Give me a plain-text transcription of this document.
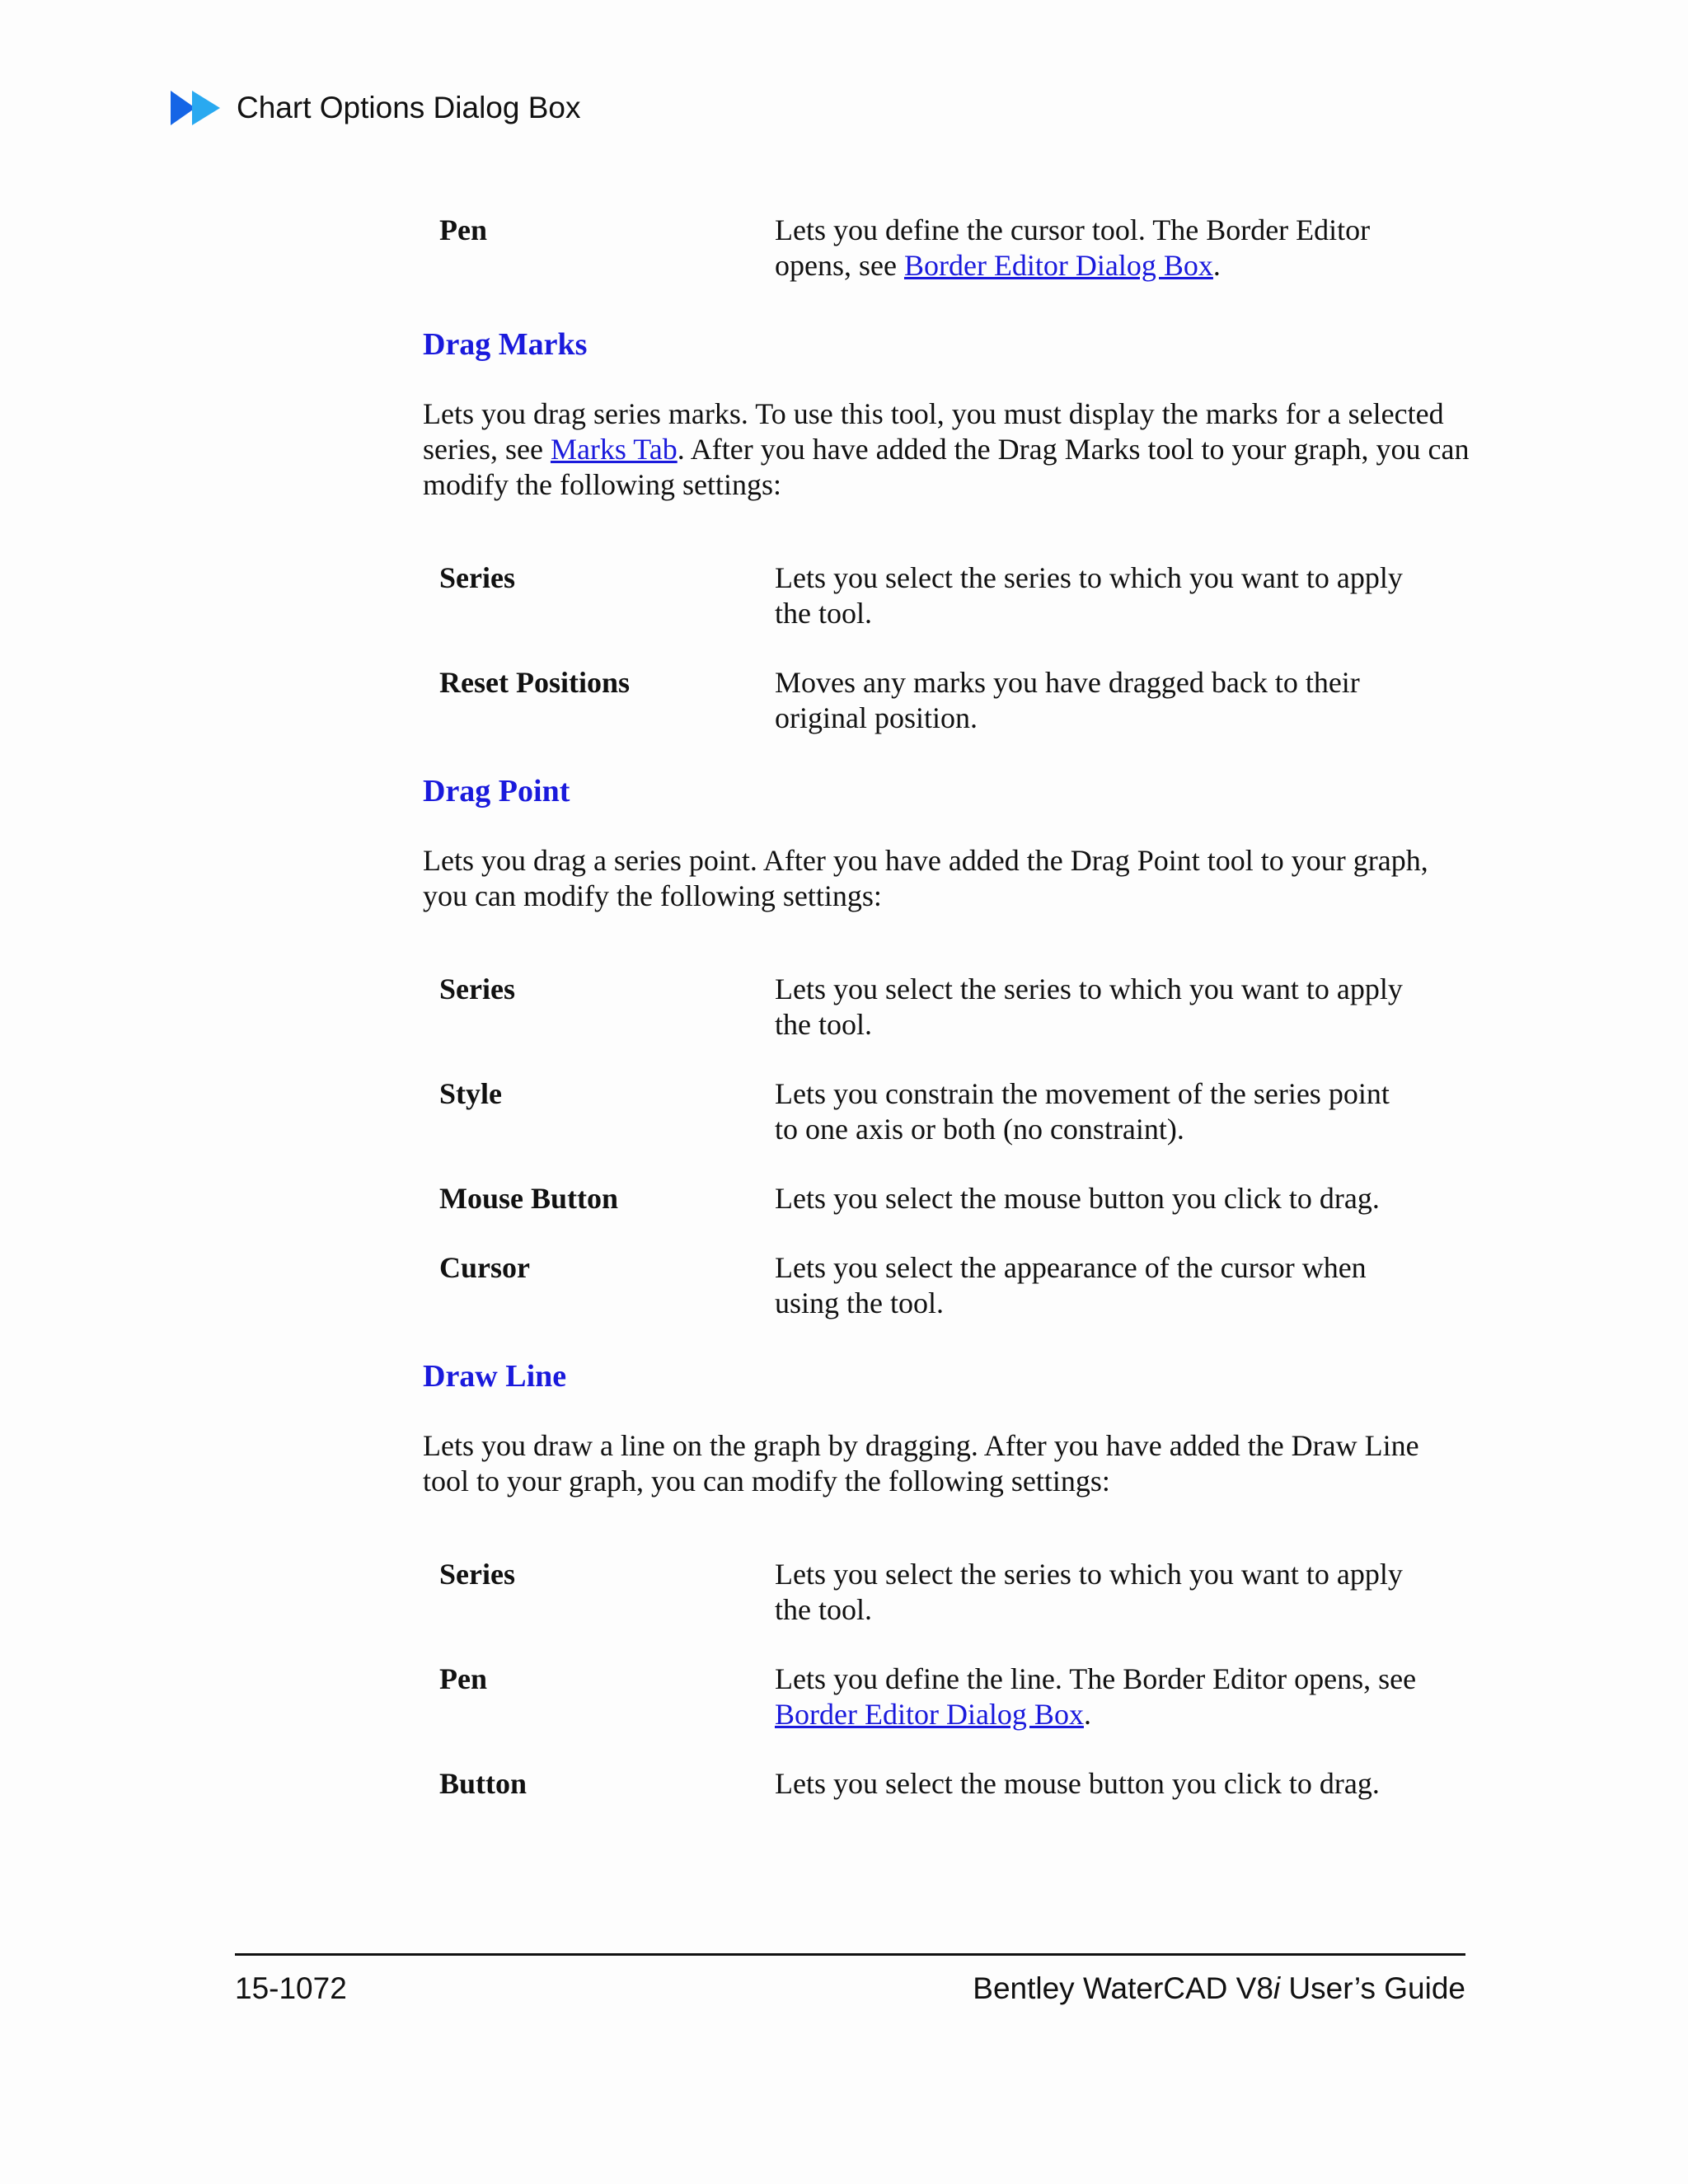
Chart Options Dialog Box
Pen	Lets you define the cursor tool. The Border Editor opens, see Border Editor Dialog Box.
Drag Marks
Lets you drag series marks. To use this tool, you must display the marks for a selected series, see Marks Tab. After you have added the Drag Marks tool to your graph, you can modify the following settings:
Series	Lets you select the series to which you want to apply the tool.
Reset Positions	Moves any marks you have dragged back to their original position.
Drag Point
Lets you drag a series point. After you have added the Drag Point tool to your graph, you can modify the following settings:
Series	Lets you select the series to which you want to apply the tool.
Style	Lets you constrain the movement of the series point to one axis or both (no constraint).
Mouse Button	Lets you select the mouse button you click to drag.
Cursor	Lets you select the appearance of the cursor when using the tool.
Draw Line
Lets you draw a line on the graph by dragging. After you have added the Draw Line tool to your graph, you can modify the following settings:
Series	Lets you select the series to which you want to apply the tool.
Pen	Lets you define the line. The Border Editor opens, see Border Editor Dialog Box.
Button	Lets you select the mouse button you click to drag.
15-1072	Bentley WaterCAD V8i User’s Guide
